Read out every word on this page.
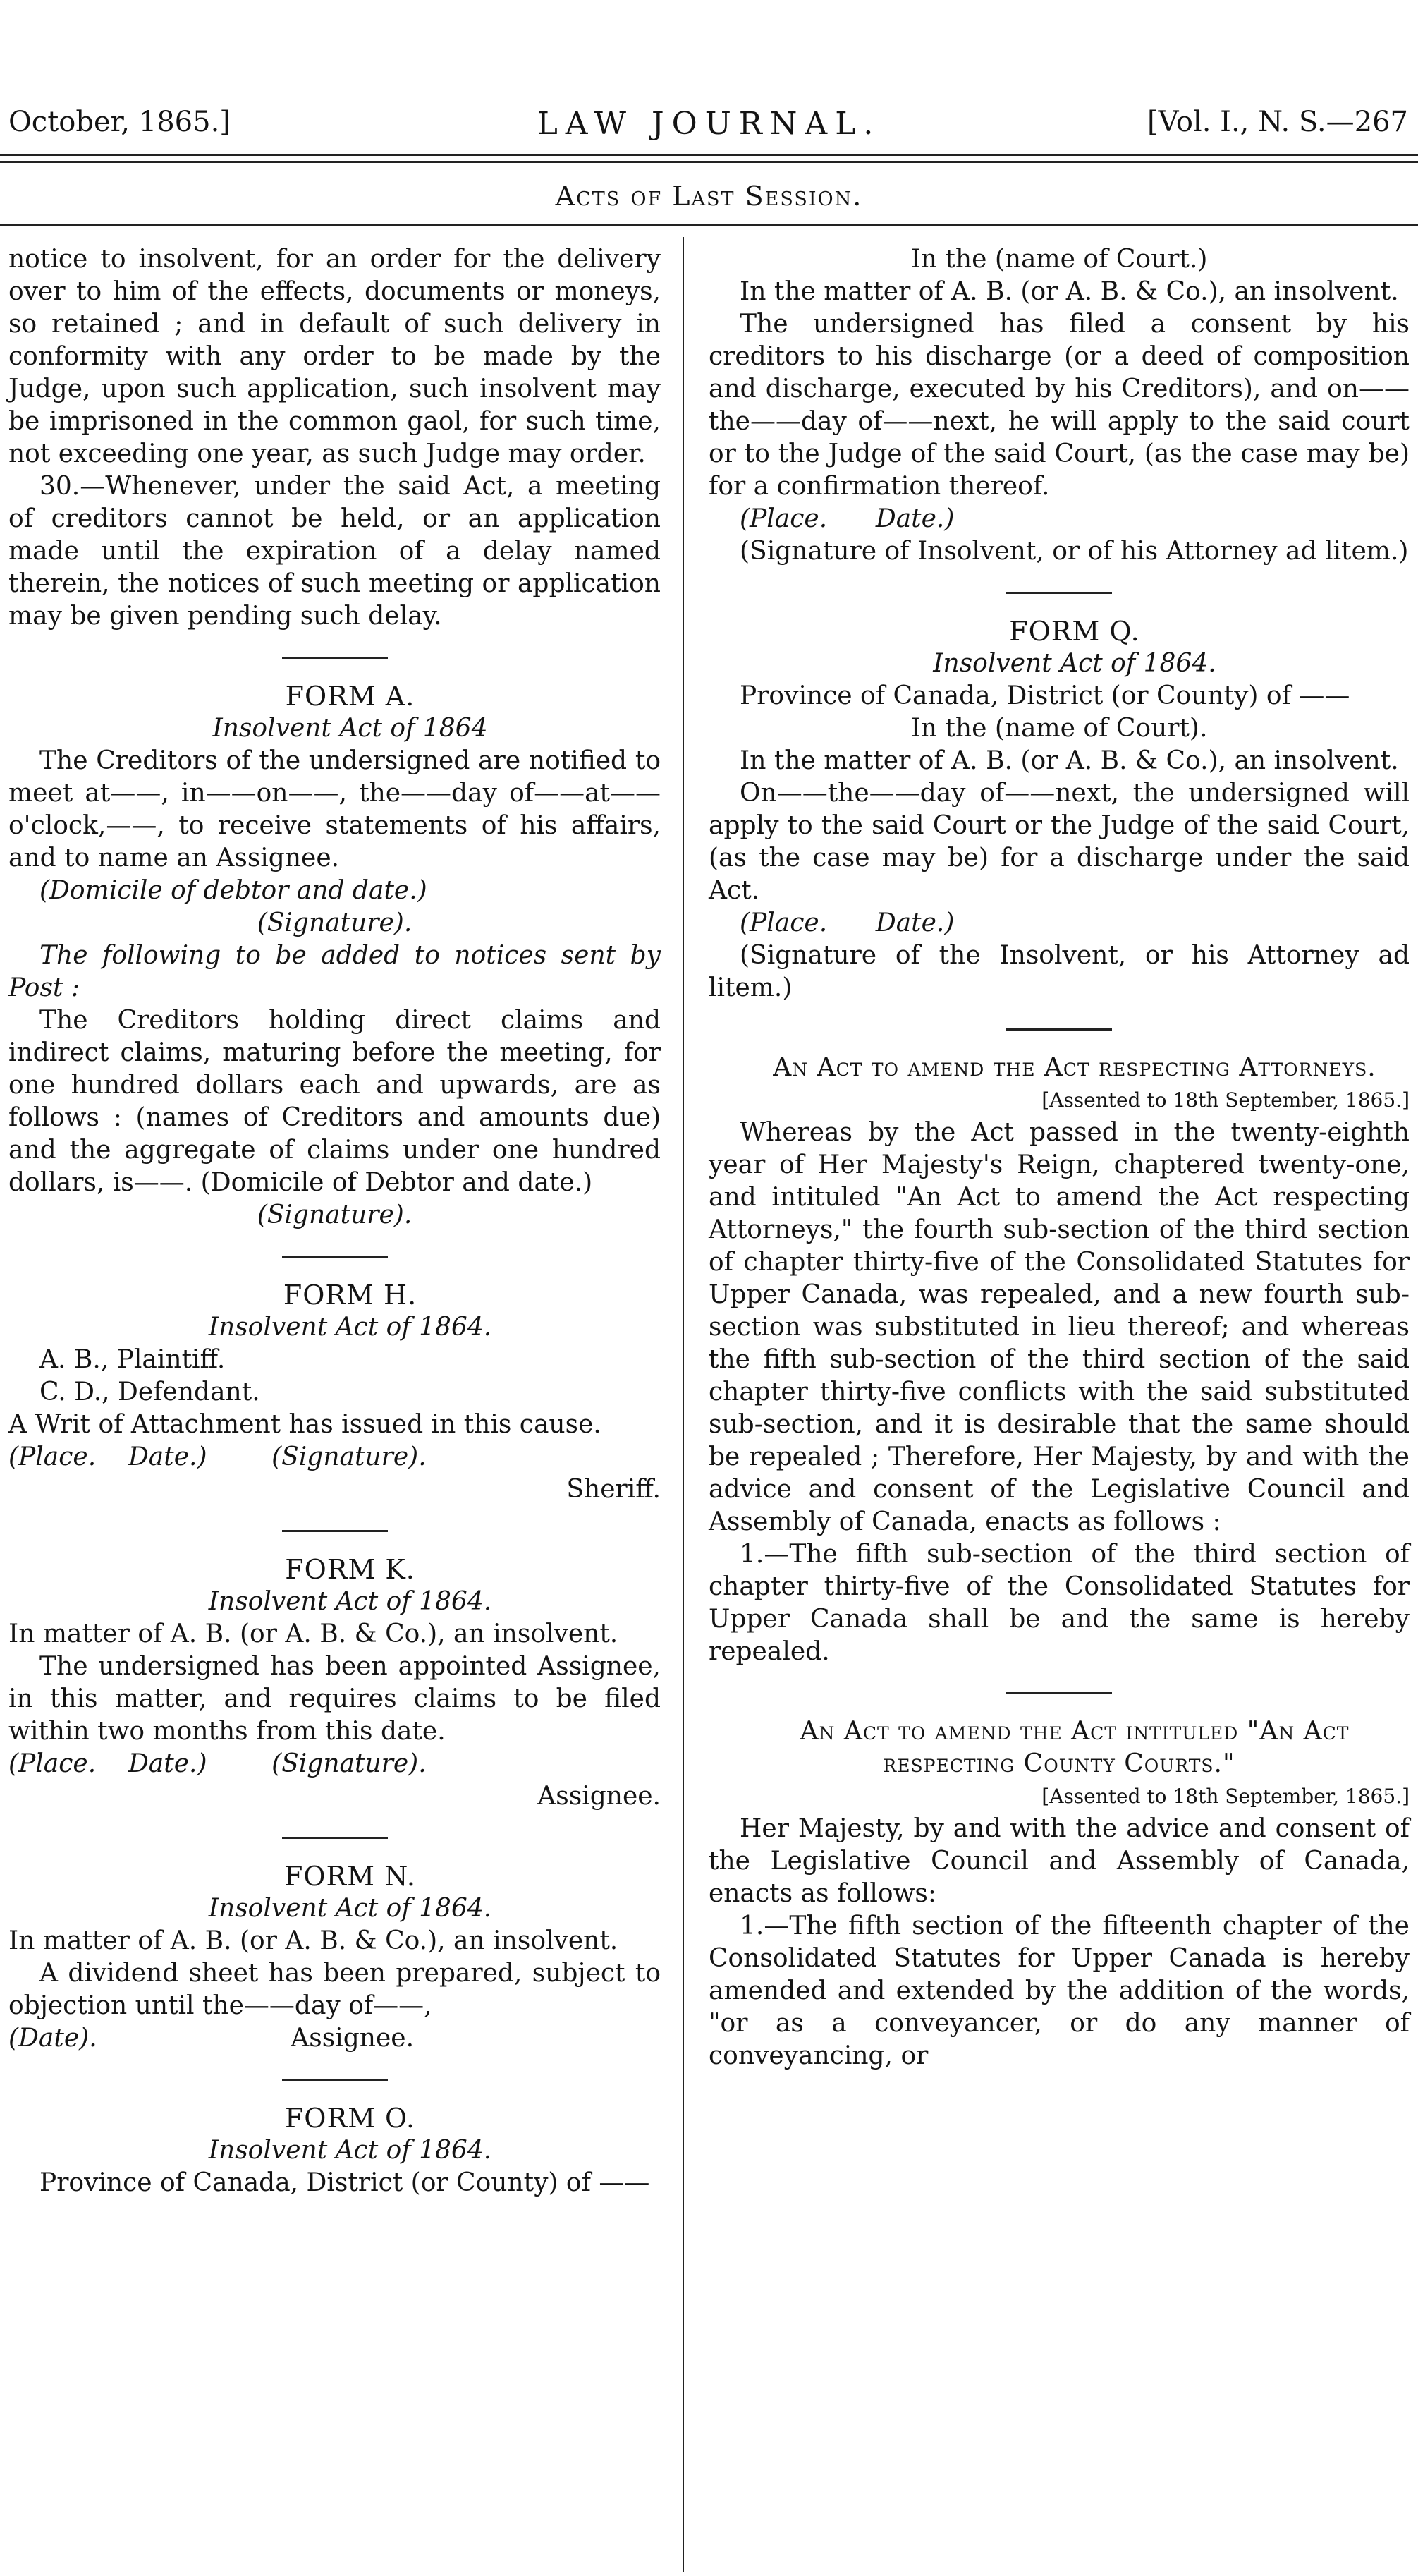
October, 1865.]	LAW JOURNAL.	[Vol. I., N. S.—267
Acts of Last Session.

notice to insolvent, for an order for the delivery over to him of the effects, documents or moneys, so retained ; and in default of such delivery in conformity with any order to be made by the Judge, upon such application, such insolvent may be imprisoned in the common gaol, for such time, not exceeding one year, as such Judge may order.

30.—Whenever, under the said Act, a meeting of creditors cannot be held, or an application made until the expiration of a delay named therein, the notices of such meeting or application may be given pending such delay.

FORM A.

Insolvent Act of 1864

The Creditors of the undersigned are notified to meet at——, in——on——, the——day of——at——o'clock,——, to receive statements of his affairs, and to name an Assignee.

(Domicile of debtor and date.)

(Signature).

The following to be added to notices sent by Post :

The Creditors holding direct claims and indirect claims, maturing before the meeting, for one hundred dollars each and upwards, are as follows : (names of Creditors and amounts due) and the aggregate of claims under one hundred dollars, is——. (Domicile of Debtor and date.)

(Signature).

FORM H.

Insolvent Act of 1864.

A. B., Plaintiff.

C. D., Defendant.

A Writ of Attachment has issued in this cause.

(Place. Date.)	(Signature).

Sheriff.

FORM K.

Insolvent Act of 1864.

In matter of A. B. (or A. B. & Co.), an insolvent.

The undersigned has been appointed Assignee, in this matter, and requires claims to be filed within two months from this date.

(Place. Date.)	(Signature).

Assignee.

FORM N.

Insolvent Act of 1864.

In matter of A. B. (or A. B. & Co.), an insolvent.

A dividend sheet has been prepared, subject to objection until the——day of——,

(Date).	Assignee.

FORM O.

Insolvent Act of 1864.

Province of Canada, District (or County) of ——

In the (name of Court.)

In the matter of A. B. (or A. B. & Co.), an insolvent.

The undersigned has filed a consent by his creditors to his discharge (or a deed of composition and discharge, executed by his Creditors), and on——the——day of——next, he will apply to the said court or to the Judge of the said Court, (as the case may be) for a confirmation thereof.

(Place. Date.)

(Signature of Insolvent, or of his Attorney ad litem.)

FORM Q.

Insolvent Act of 1864.

Province of Canada, District (or County) of ——

In the (name of Court).

In the matter of A. B. (or A. B. & Co.), an insolvent.

On——the——day of——next, the undersigned will apply to the said Court or the Judge of the said Court, (as the case may be) for a discharge under the said Act.

(Place. Date.)

(Signature of the Insolvent, or his Attorney ad litem.)

An Act to amend the Act respecting Attorneys.

[Assented to 18th September, 1865.]

Whereas by the Act passed in the twenty-eighth year of Her Majesty's Reign, chaptered twenty-one, and intituled "An Act to amend the Act respecting Attorneys," the fourth sub-section of the third section of chapter thirty-five of the Consolidated Statutes for Upper Canada, was repealed, and a new fourth sub-section was substituted in lieu thereof; and whereas the fifth sub-section of the third section of the said chapter thirty-five conflicts with the said substituted sub-section, and it is desirable that the same should be repealed ; Therefore, Her Majesty, by and with the advice and consent of the Legislative Council and Assembly of Canada, enacts as follows :

1.—The fifth sub-section of the third section of chapter thirty-five of the Consolidated Statutes for Upper Canada shall be and the same is hereby repealed.

An Act to amend the Act intituled "An Act respecting County Courts."

[Assented to 18th September, 1865.]

Her Majesty, by and with the advice and consent of the Legislative Council and Assembly of Canada, enacts as follows:

1.—The fifth section of the fifteenth chapter of the Consolidated Statutes for Upper Canada is hereby amended and extended by the addition of the words, "or as a conveyancer, or do any manner of conveyancing, or
